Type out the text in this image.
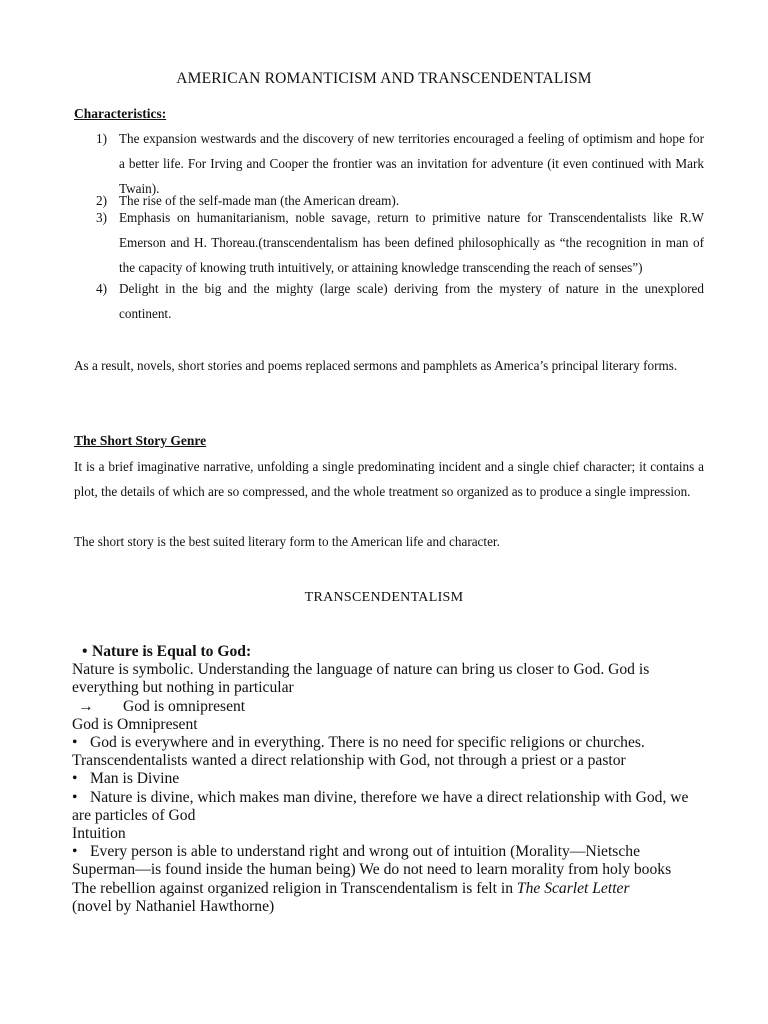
AMERICAN ROMANTICISM AND TRANSCENDENTALISM
Characteristics:
1) The expansion westwards and the discovery of new territories encouraged a feeling of optimism and hope for a better life. For Irving and Cooper the frontier was an invitation for adventure (it even continued with Mark Twain).
2) The rise of the self-made man (the American dream).
3) Emphasis on humanitarianism, noble savage, return to primitive nature for Transcendentalists like R.W Emerson and H. Thoreau.(transcendentalism has been defined philosophically as “the recognition in man of the capacity of knowing truth intuitively, or attaining knowledge transcending the reach of senses”)
4) Delight in the big and the mighty (large scale) deriving from the mystery of nature in the unexplored continent.
As a result, novels, short stories and poems replaced sermons and pamphlets as America’s principal literary forms.
The Short Story Genre
It is a brief imaginative narrative, unfolding a single predominating incident and a single chief character; it contains a plot, the details of which are so compressed, and the whole treatment so organized as to produce a single impression.
The short story is the best suited literary form to the American life and character.
TRANSCENDENTALISM
• Nature is Equal to God:
Nature is symbolic. Understanding the language of nature can bring us closer to God. God is everything but nothing in particular
→ God is omnipresent
God is Omnipresent
• God is everywhere and in everything. There is no need for specific religions or churches.
Transcendentalists wanted a direct relationship with God, not through a priest or a pastor
• Man is Divine
• Nature is divine, which makes man divine, therefore we have a direct relationship with God, we are particles of God
Intuition
• Every person is able to understand right and wrong out of intuition (Morality—Nietsche Superman—is found inside the human being) We do not need to learn morality from holy books
The rebellion against organized religion in Transcendentalism is felt in The Scarlet Letter
(novel by Nathaniel Hawthorne)
